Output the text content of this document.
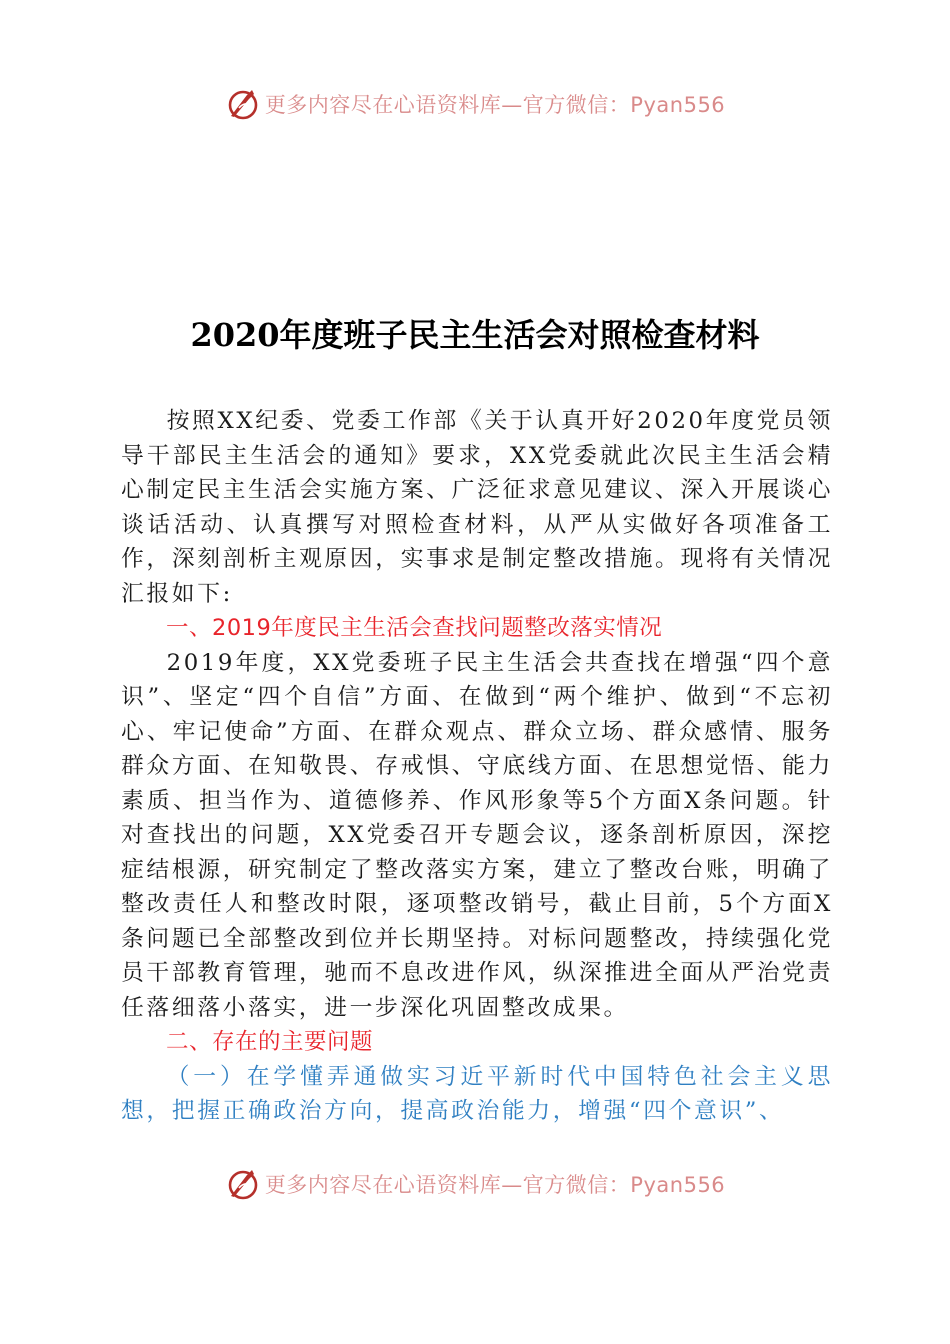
更多内容尽在心语资料库—官方微信：Pyan556
2020年度班子民主生活会对照检查材料

按照XX纪委、党委工作部《关于认真开好2020年度党员领导干部民主生活会的通知》要求，XX党委就此次民主生活会精心制定民主生活会实施方案、广泛征求意见建议、深入开展谈心谈话活动、认真撰写对照检查材料，从严从实做好各项准备工作，深刻剖析主观原因，实事求是制定整改措施。现将有关情况汇报如下:

一、2019年度民主生活会查找问题整改落实情况

2019年度，XX党委班子民主生活会共查找在增强“四个意识”、坚定“四个自信”方面、在做到“两个维护、做到“不忘初心、牢记使命”方面、在群众观点、群众立场、群众感情、服务群众方面、在知敬畏、存戒惧、守底线方面、在思想觉悟、能力素质、担当作为、道德修养、作风形象等5个方面X条问题。针对查找出的问题，XX党委召开专题会议，逐条剖析原因，深挖症结根源，研究制定了整改落实方案，建立了整改台账，明确了整改责任人和整改时限，逐项整改销号，截止目前，5个方面X条问题已全部整改到位并长期坚持。对标问题整改，持续强化党员干部教育管理，驰而不息改进作风，纵深推进全面从严治党责任落细落小落实，进一步深化巩固整改成果。

二、存在的主要问题

（一）在学懂弄通做实习近平新时代中国特色社会主义思想，把握正确政治方向，提高政治能力，增强“四个意识”、

更多内容尽在心语资料库—官方微信：Pyan556
